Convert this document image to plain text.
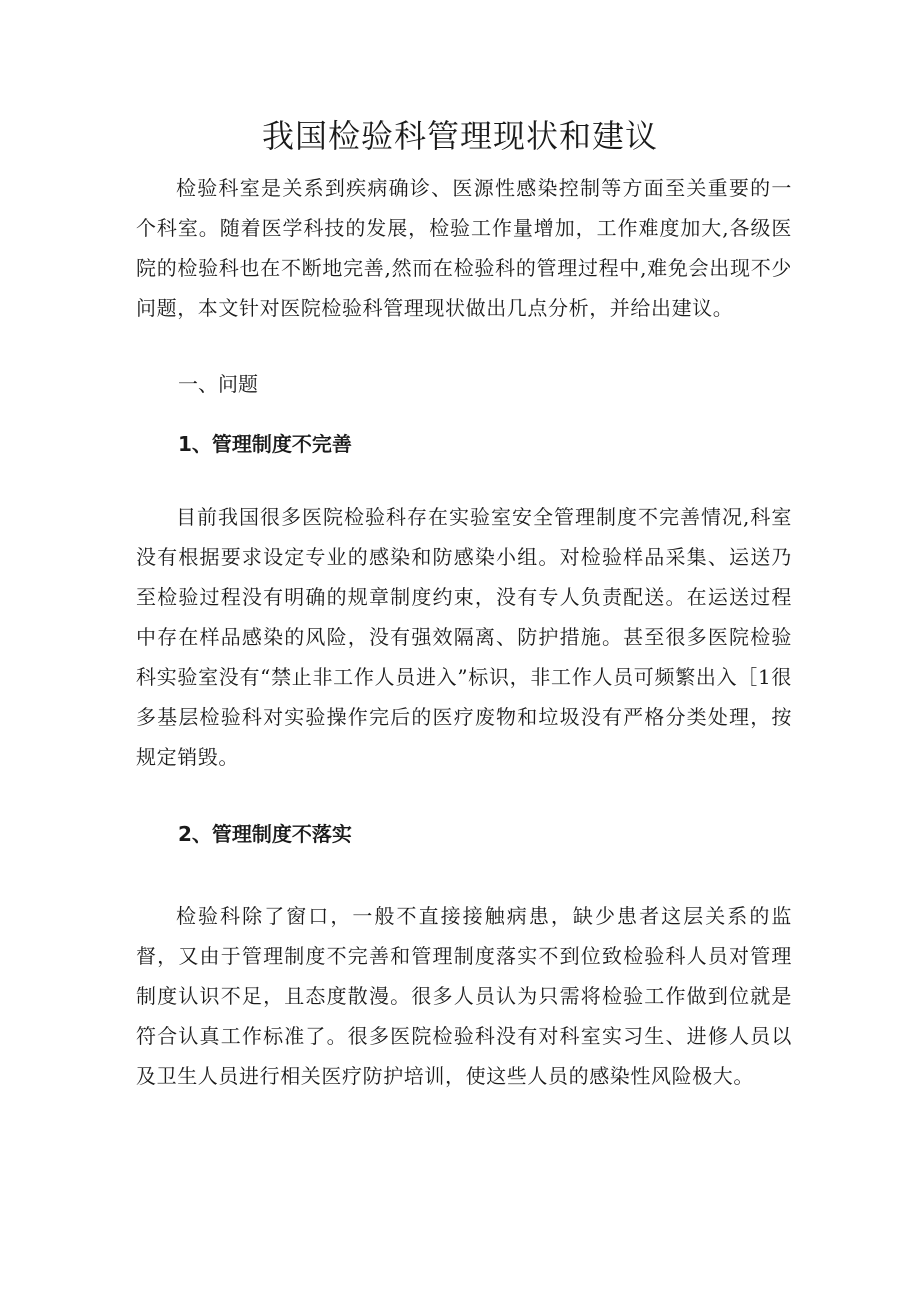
我国检验科管理现状和建议

检验科室是关系到疾病确诊、医源性感染控制等方面至关重要的一个科室。随着医学科技的发展，检验工作量增加，工作难度加大,各级医院的检验科也在不断地完善,然而在检验科的管理过程中,难免会出现不少问题，本文针对医院检验科管理现状做出几点分析，并给出建议。

一、问题
1、管理制度不完善

目前我国很多医院检验科存在实验室安全管理制度不完善情况,科室没有根据要求设定专业的感染和防感染小组。对检验样品采集、运送乃至检验过程没有明确的规章制度约束，没有专人负责配送。在运送过程中存在样品感染的风险，没有强效隔离、防护措施。甚至很多医院检验科实验室没有“禁止非工作人员进入”标识，非工作人员可频繁出入［1很多基层检验科对实验操作完后的医疗废物和垃圾没有严格分类处理，按规定销毁。

2、管理制度不落实

检验科除了窗口，一般不直接接触病患，缺少患者这层关系的监督，又由于管理制度不完善和管理制度落实不到位致检验科人员对管理制度认识不足，且态度散漫。很多人员认为只需将检验工作做到位就是符合认真工作标准了。很多医院检验科没有对科室实习生、进修人员以及卫生人员进行相关医疗防护培训，使这些人员的感染性风险极大。
